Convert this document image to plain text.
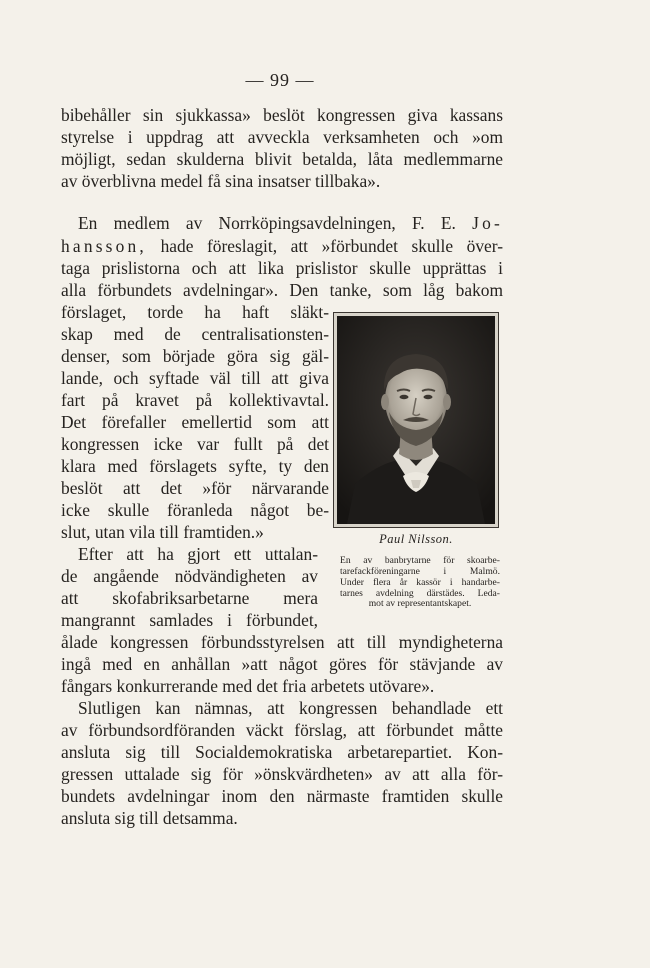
— 99 —
bibehåller sin sjukkassa» beslöt kongressen giva kassans
styrelse i uppdrag att avveckla verksamheten och »om
möjligt, sedan skulderna blivit betalda, låta medlemmarne
av överblivna medel få sina insatser tillbaka».
En medlem av Norrköpingsavdelningen, F. E. Jo-
hansson, hade föreslagit, att »förbundet skulle över-
taga prislistorna och att lika prislistor skulle upprättas i
alla förbundets avdelningar». Den tanke, som låg bakom
förslaget, torde ha haft släkt-
skap med de centralisationsten-
denser, som började göra sig gäl-
lande, och syftade väl till att giva
fart på kravet på kollektivavtal.
Det förefaller emellertid som att
kongressen icke var fullt på det
klara med förslagets syfte, ty den
beslöt att det »för närvarande
icke skulle föranleda något be-
slut, utan vila till framtiden.»
Efter att ha gjort ett uttalan-
de angående nödvändigheten av
att skofabriksarbetarne mera
mangrannt samlades i förbundet,
ålade kongressen förbundsstyrelsen att till myndigheterna
ingå med en anhållan »att något göres för stävjande av
fångars konkurrerande med det fria arbetets utövare».
Slutligen kan nämnas, att kongressen behandlade ett
av förbundsordföranden väckt förslag, att förbundet måtte
ansluta sig till Socialdemokratiska arbetarepartiet. Kon-
gressen uttalade sig för »önskvärdheten» av att alla för-
bundets avdelningar inom den närmaste framtiden skulle
ansluta sig till detsamma.
Paul Nilsson.
En av banbrytarne för skoarbe-
tarefackföreningarne i Malmö.
Under flera år kassör i handarbe-
tarnes avdelning därstädes. Leda-
mot av representantskapet.
